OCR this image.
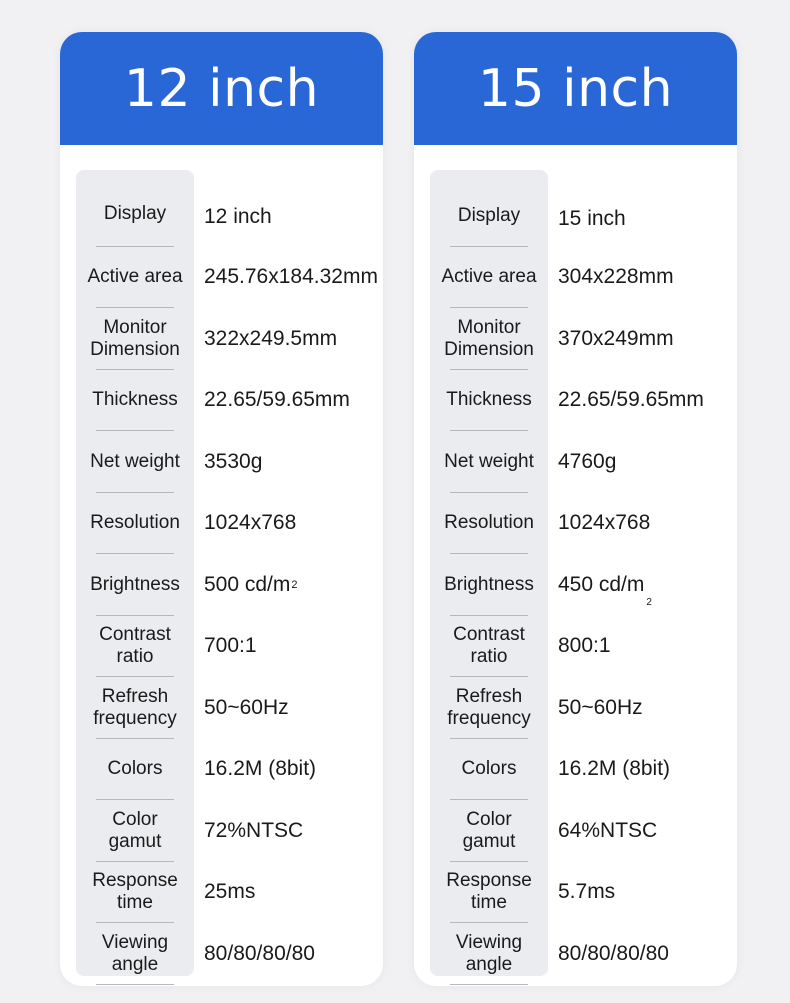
12 inch
Display	12 inch
Active area	245.76x184.32mm
Monitor
Dimension	322x249.5mm
Thickness	22.65/59.65mm
Net weight	3530g
Resolution	1024x768
Brightness	500 cd/m 2
Contrast
ratio	700:1
Refresh
frequency	50~60Hz
Colors	16.2M (8bit)
Color
gamut	72%NTSC
Response
time	25ms
Viewing
angle	80/80/80/80
15 inch
Display	15 inch
Active area	304x228mm
Monitor
Dimension	370x249mm
Thickness	22.65/59.65mm
Net weight	4760g
Resolution	1024x768
Brightness	450 cd/m
2
Contrast
ratio	800:1
Refresh
frequency	50~60Hz
Colors	16.2M (8bit)
Color
gamut	64%NTSC
Response
time	5.7ms
Viewing
angle	80/80/80/80
